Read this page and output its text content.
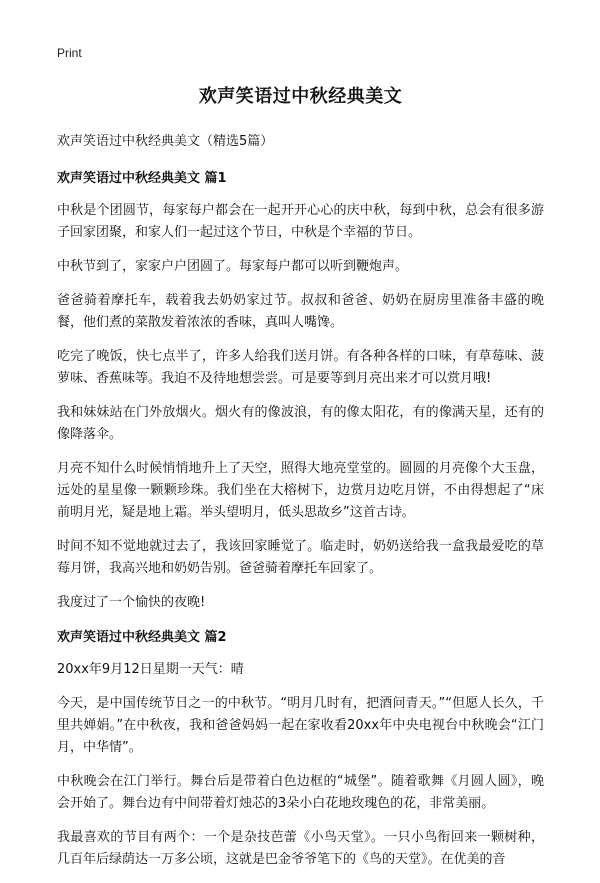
Print
欢声笑语过中秋经典美文

欢声笑语过中秋经典美文（精选5篇）

欢声笑语过中秋经典美文 篇1

中秋是个团圆节，每家每户都会在一起开开心心的庆中秋，每到中秋，总会有很多游子回家团聚，和家人们一起过这个节日，中秋是个幸福的节日。

中秋节到了，家家户户团圆了。每家每户都可以听到鞭炮声。

爸爸骑着摩托车，载着我去奶奶家过节。叔叔和爸爸、奶奶在厨房里准备丰盛的晚餐，他们煮的菜散发着浓浓的香味，真叫人嘴馋。

吃完了晚饭，快七点半了，许多人给我们送月饼。有各种各样的口味，有草莓味、菠萝味、香蕉味等。我迫不及待地想尝尝。可是要等到月亮出来才可以赏月哦!

我和妹妹站在门外放烟火。烟火有的像波浪，有的像太阳花，有的像满天星，还有的像降落伞。

月亮不知什么时候悄悄地升上了天空，照得大地亮堂堂的。圆圆的月亮像个大玉盘，远处的星星像一颗颗珍珠。我们坐在大榕树下，边赏月边吃月饼，不由得想起了“床前明月光，疑是地上霜。举头望明月，低头思故乡”这首古诗。

时间不知不觉地就过去了，我该回家睡觉了。临走时，奶奶送给我一盒我最爱吃的草莓月饼，我高兴地和奶奶告别。爸爸骑着摩托车回家了。

我度过了一个愉快的夜晚!

欢声笑语过中秋经典美文 篇2

20xx年9月12日星期一天气：晴

今天，是中国传统节日之一的中秋节。“明月几时有，把酒问青天。”“但愿人长久，千里共婵娟。”在中秋夜，我和爸爸妈妈一起在家收看20xx年中央电视台中秋晚会“江门月，中华情”。

中秋晚会在江门举行。舞台后是带着白色边框的“城堡”。随着歌舞《月圆人圆》，晚会开始了。舞台边有中间带着灯烛芯的3朵小白花地玫瑰色的花，非常美丽。

我最喜欢的节目有两个：一个是杂技芭蕾《小鸟天堂》。一只小鸟衔回来一颗树种，几百年后绿荫达一万多公顷，这就是巴金爷爷笔下的《鸟的天堂》。在优美的音
